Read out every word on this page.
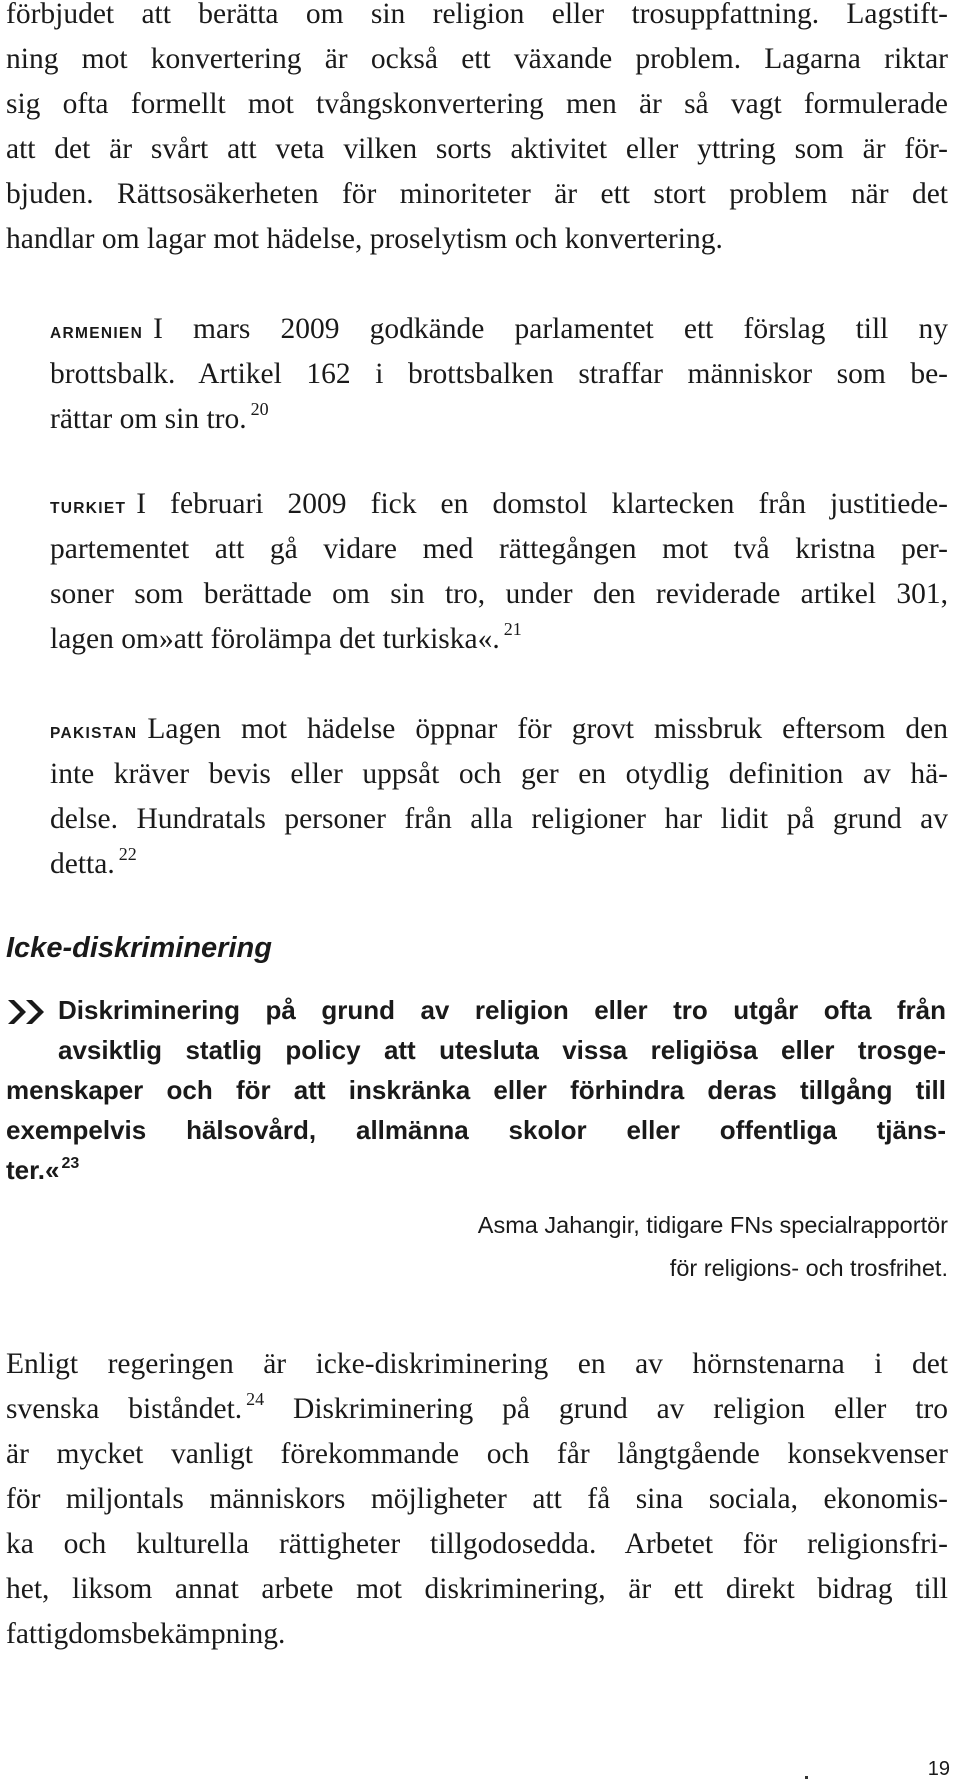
förbjudet att berätta om sin religion eller trosuppfattning. Lagstift-
ning mot konvertering är också ett växande problem. Lagarna riktar
sig ofta formellt mot tvångskonvertering men är så vagt formulerade
att det är svårt att veta vilken sorts aktivitet eller yttring som är för-
bjuden. Rättsosäkerheten för minoriteter är ett stort problem när det
handlar om lagar mot hädelse, proselytism och konvertering.
ARMENIEN I mars 2009 godkände parlamentet ett förslag till ny
brottsbalk. Artikel 162 i brottsbalken straffar människor som be-
rättar om sin tro. $^{20}$
TURKIET I februari 2009 fick en domstol klartecken från justitiede-
partementet att gå vidare med rättegången mot två kristna per-
soner som berättade om sin tro, under den reviderade artikel 301,
lagen om»att förolämpa det turkiska«. $^{21}$
PAKISTAN Lagen mot hädelse öppnar för grovt missbruk eftersom den
inte kräver bevis eller uppsåt och ger en otydlig definition av hä-
delse. Hundratals personer från alla religioner har lidit på grund av
detta. $^{22}$
Icke-diskriminering
Diskriminering på grund av religion eller tro utgår ofta från
avsiktlig statlig policy att utesluta vissa religiösa eller trosge-
menskaper och för att inskränka eller förhindra deras tillgång till
exempelvis hälsovård, allmänna skolor eller offentliga tjäns-
ter.« $^{23}$
Asma Jahangir, tidigare FNs specialrapportör
för religions- och trosfrihet.
Enligt regeringen är icke-diskriminering en av hörnstenarna i det
svenska biståndet. $^{24}$ Diskriminering på grund av religion eller tro
är mycket vanligt förekommande och får långtgående konsekvenser
för miljontals människors möjligheter att få sina sociala, ekonomis-
ka och kulturella rättigheter tillgodosedda. Arbetet för religionsfri-
het, liksom annat arbete mot diskriminering, är ett direkt bidrag till
fattigdomsbekämpning.
19
